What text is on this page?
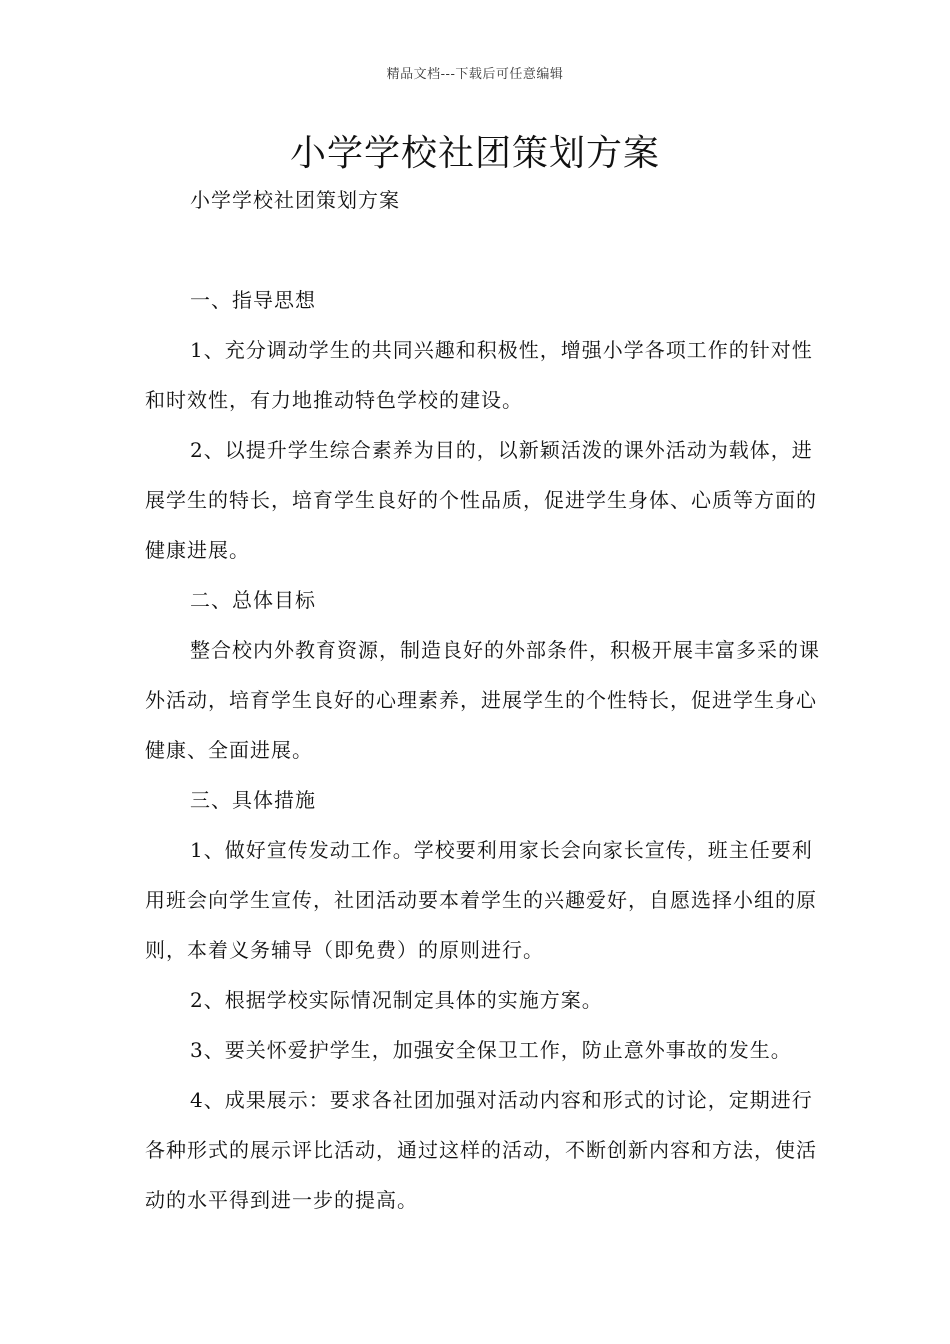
精品文档---下载后可任意编辑
小学学校社团策划方案
小学学校社团策划方案

一、指导思想

1、充分调动学生的共同兴趣和积极性，增强小学各项工作的针对性和时效性，有力地推动特色学校的建设。

2、以提升学生综合素养为目的，以新颖活泼的课外活动为载体，进展学生的特长，培育学生良好的个性品质，促进学生身体、心质等方面的健康进展。

二、总体目标

整合校内外教育资源，制造良好的外部条件，积极开展丰富多采的课外活动，培育学生良好的心理素养，进展学生的个性特长，促进学生身心健康、全面进展。

三、具体措施

1、做好宣传发动工作。学校要利用家长会向家长宣传，班主任要利用班会向学生宣传，社团活动要本着学生的兴趣爱好，自愿选择小组的原则，本着义务辅导（即免费）的原则进行。

2、根据学校实际情况制定具体的实施方案。

3、要关怀爱护学生，加强安全保卫工作，防止意外事故的发生。

4、成果展示：要求各社团加强对活动内容和形式的讨论，定期进行各种形式的展示评比活动，通过这样的活动，不断创新内容和方法，使活动的水平得到进一步的提高。
